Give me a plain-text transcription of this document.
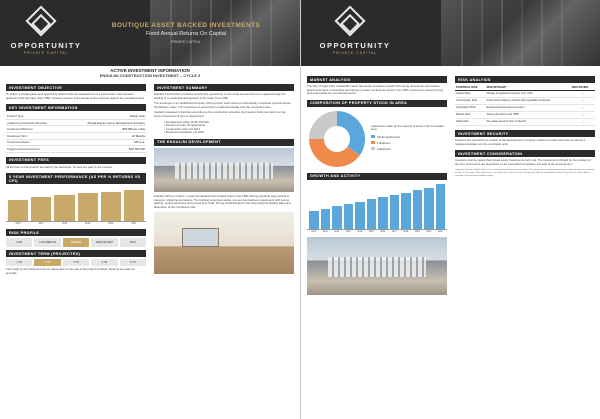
OPPORTUNITY
PRIVATE CAPITAL
BOUTIQUE ASSET BACKED INVESTMENTS
Fixed Annual Returns On Capital
PRIVATE CAPITAL
ACTIVE INVESTMENT INFORMATION
ENDULINI CONSTRUCTION INVESTMENT – CYCLE 3
INVESTMENT OBJECTIVE

To deliver a private placement opportunity which funds the development of a well located, high demand apartment with the Cape Town CBD. Investors receive fixed annual returns secured against the completed units.

KEY INVESTMENT INFORMATION
Product Type	Equity Loan
Underlying Investment Structure	Private Equity Loan to Development Company
Investment Minimum	R50 000 per entity
Investment Term	24 Months
Investment Return	18% p.a.
Target Investment Amount	R18 000 000
INVESTMENT FEES
All the fees on this product are paid by the developer. No fees are paid by the investor.
5 YEAR INVESTMENT PERFORMANCE (AS PER % RETURNS VS CPI)
2016	2017	2018	2019	2020	2021
RISK PROFILE
LOW	LOW-MEDIUM	MEDIUM	MEDIUM-HIGH	HIGH
INVESTMENT TERM (PROJECTED)
1 YR	2 YR	3 YR	4 YR	5 YR
The length of the investment term is dependent on the sale of the project timelines. Returns are paid out annually.
INVESTMENT SUMMARY

Endulini Construction provides investors the opportunity to earn fixed annual returns on capital through the funding of a residential development in the Cape Town CBD.

The developer is an established company with a proven track record of successfully completed projects across the Western Cape. The investment is secured by a registered pledge over the completed units.

Capital is released in tranches according to the construction schedule and investor funds are held in a ring-fenced trust account prior to deployment.

• Development value: R120 000 000
• Number of units: 96 apartments
• Construction start: Q1 2021
• Projected completion: Q2 2023
THE ENDULINI DEVELOPMENT
Endulini will be a modern, mixed-use development located close to the CBD offering residents easy access to transport, shopping and leisure. The building comprises studio, one and two bedroom apartments with secure parking, rooftop amenities and ground floor retail. Strong rental demand in the area supports healthy sales and absorption of the completed units.
OPPORTUNITY
PRIVATE CAPITAL
MARKET ANALYSIS
The City of Cape Town residential market has shown consistent growth with strong demand for well located apartments close to amenities and transport nodes. Limited new stock in the CBD continues to support pricing and rental yields for new developments.
COMPOSITION OF PROPERTY STOCK IN AREA
Apartments make up the majority of stock in the immediate area.
Studio Apartments
1 Bedroom
2 Bedroom
GROWTH AND ACTIVITY
2010	2011	2012	2013	2014	2015	2016	2017	2018	2019	2020	2021
RISK ANALYSIS
POTENTIAL RISK	RISK MITIGANT	RISK RATING
Capital Risk	Pledge & registered security over units	✓
Construction Risk	Fixed price building contract with reputable contractor	✓
Completion Risk	Experienced development team	✓
Market Risk	Strong demand in the CBD	✓
Sales Risk	Pre-sales secured prior to launch	✓
INVESTMENT SECURITY
Investors are secured by a cession of the development company's shares and loan accounts as well as a registered pledge over the completed units.
INVESTMENT CONSIDERATION
Investors must be aware that private equity investments carry risk. The investment is illiquid for the duration of the term and returns are dependent on the successful completion and sale of the development.
Opportunity Private Capital (Pty) Ltd is an authorised financial services provider. This document is for information purposes only and does not constitute an offer or solicitation. Past performance is not indicative of future returns. Investors should seek independent financial, legal and tax advice before investing. Full terms and conditions apply.
